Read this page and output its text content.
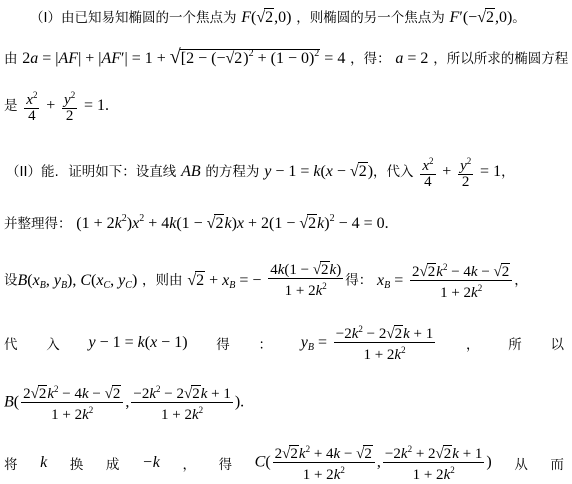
（I）由已知易知椭圆的一个焦点为 F(√2,0) ，则椭圆的另一个焦点为 F′(−√2,0)。
由 $2a = |AF| + |AF'| = 1 + √[2 - (-√2)^2 + (1 - 0)^2 = 4$ ，得： a = 2 ，所以所求的椭圆方程
是 $\frac{x^2}{4} + \frac{y^2}{2} = 1$.
（II）能. 证明如下：设直线 AB 的方程为 y − 1 = k(x − √2)，代入 $\frac{x^2}{4} + \frac{y^2}{2} = 1$，
并整理得： $(1 + 2k^2)x^2 + 4k(1 - √2k)x + 2(1 - √2k)^2 - 4 = 0$.
设$B(x_B$, $y_B$), $C(x_C$, $y_C$) ，则由 $√2 + x_B$ = − $\frac{4k(1 - √2k)}{1 + 2k^2}$ 得： $x_B = \frac{2√2k^2 - 4k - √2}{1 + 2k^2}$ ，
代 入 y − 1 = k(x − 1) 得 ： $y_B = \frac{-2k^2 - 2√2k + 1}{1 + 2k^2}$ ， 所 以
$B( \frac{2√2k^2 - 4k - √2}{1 + 2k^2}$ , $\frac{-2k^2 - 2√2k + 1}{1 + 2k^2}$ ).
将 k 换 成 −k ， 得 $C( \frac{2√2k^2 + 4k - √2}{1 + 2k^2}$ , $\frac{-2k^2 + 2√2k + 1}{1 + 2k^2}$ ) 从 而
